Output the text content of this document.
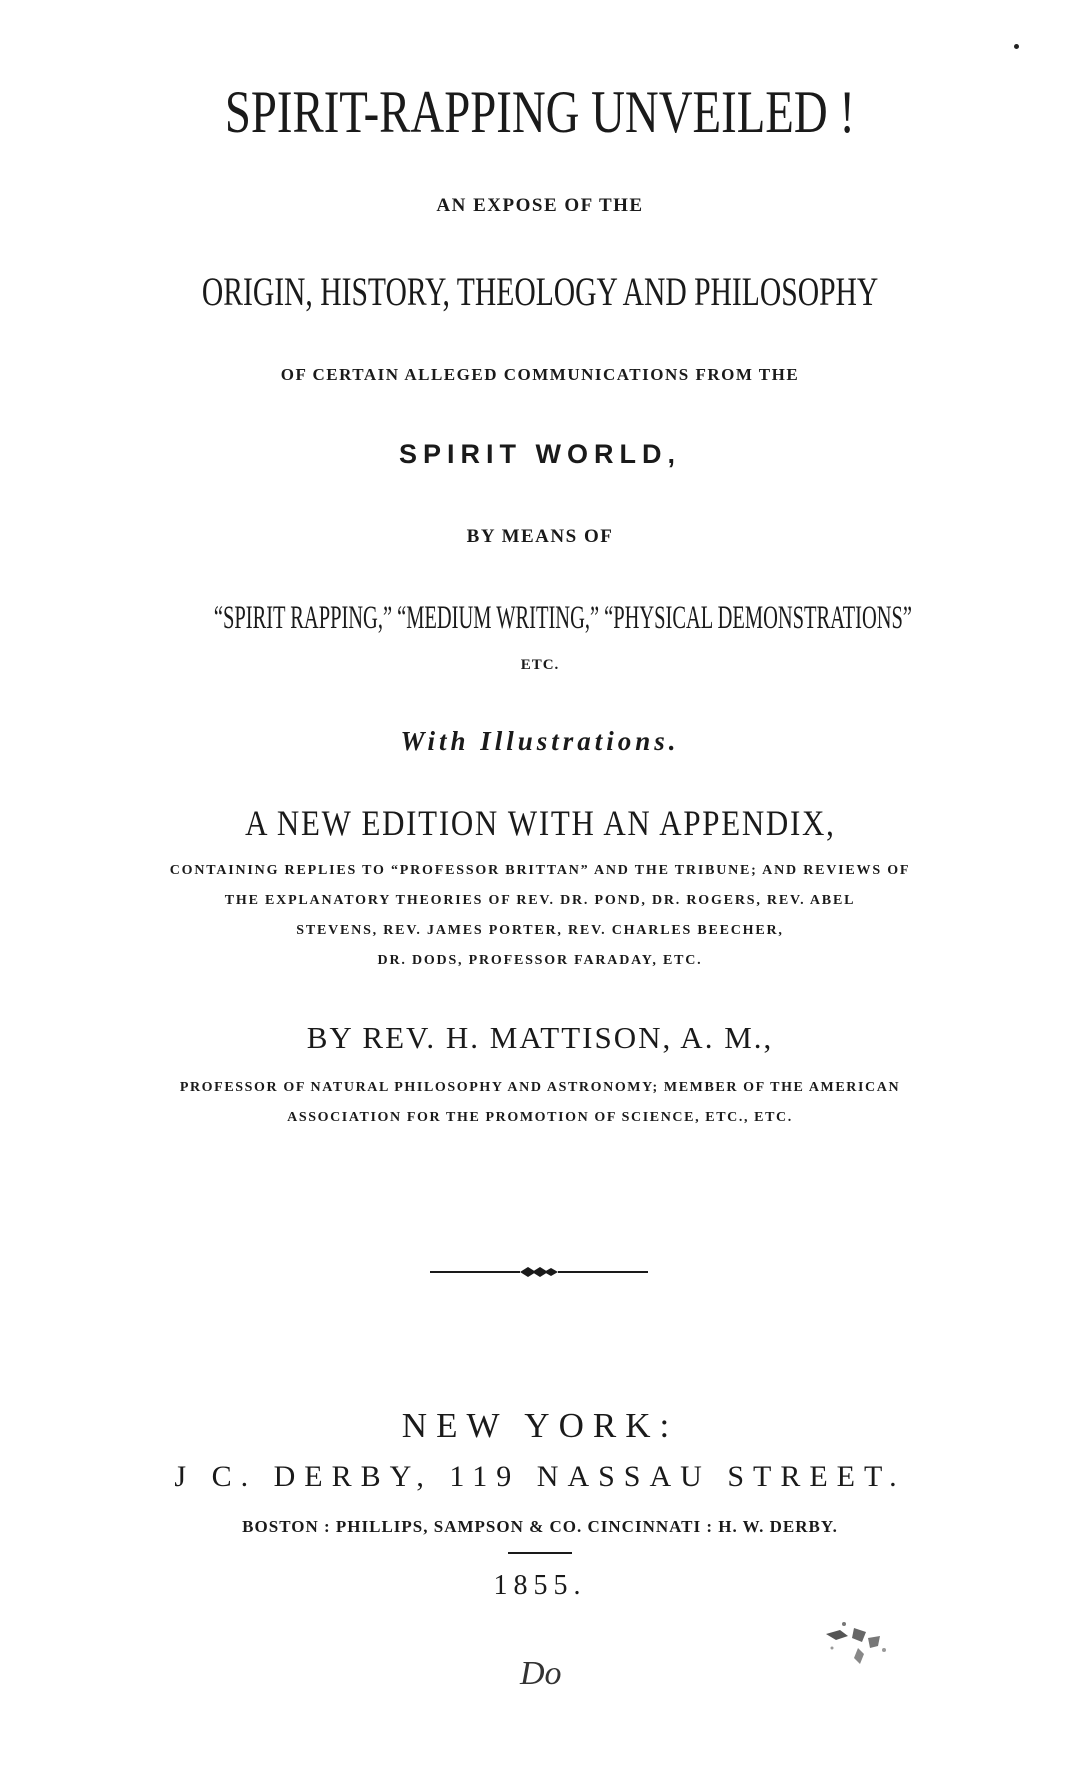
SPIRIT-RAPPING UNVEILED !
AN EXPOSE OF THE
ORIGIN, HISTORY, THEOLOGY AND PHILOSOPHY
OF CERTAIN ALLEGED COMMUNICATIONS FROM THE
SPIRIT WORLD,
BY MEANS OF
“SPIRIT RAPPING,” “MEDIUM WRITING,” “PHYSICAL DEMONSTRATIONS”
ETC.
With Illustrations.
A NEW EDITION WITH AN APPENDIX,
CONTAINING REPLIES TO “PROFESSOR BRITTAN” AND THE TRIBUNE; AND REVIEWS OF
THE EXPLANATORY THEORIES OF REV. DR. POND, DR. ROGERS, REV. ABEL
STEVENS, REV. JAMES PORTER, REV. CHARLES BEECHER,
DR. DODS, PROFESSOR FARADAY, ETC.
BY REV. H. MATTISON, A. M.,
PROFESSOR OF NATURAL PHILOSOPHY AND ASTRONOMY; MEMBER OF THE AMERICAN
ASSOCIATION FOR THE PROMOTION OF SCIENCE, ETC., ETC.
NEW YORK:
J C. DERBY, 119 NASSAU STREET.
BOSTON : PHILLIPS, SAMPSON & CO. CINCINNATI : H. W. DERBY.
1855.
Do
